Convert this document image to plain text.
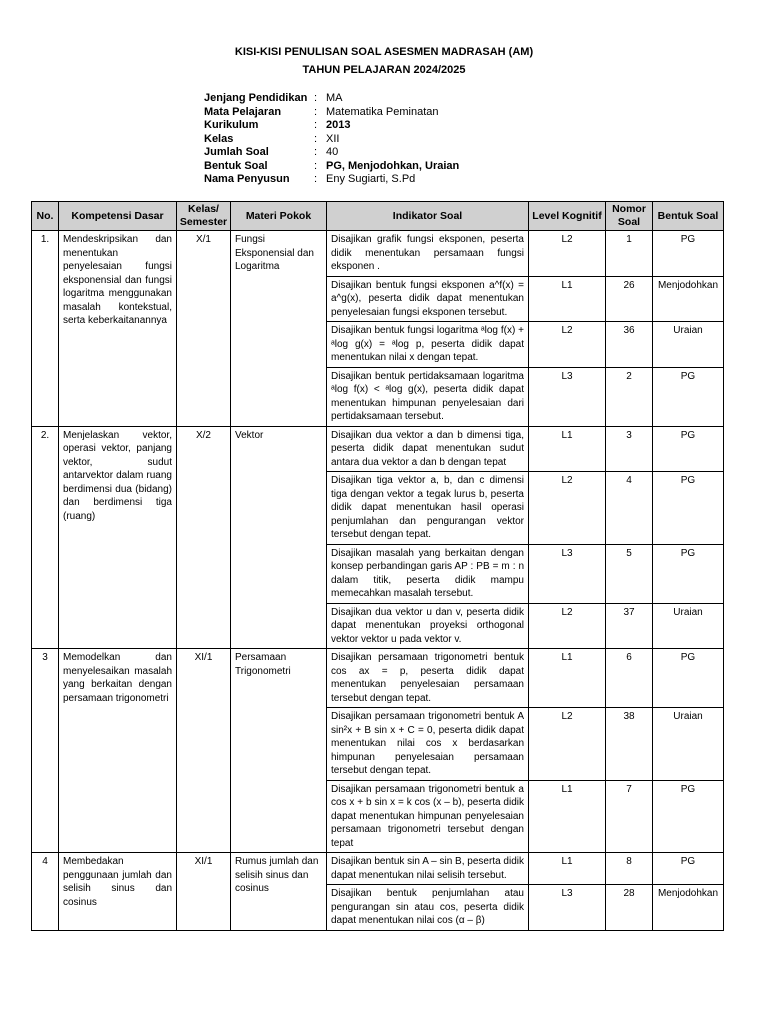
KISI-KISI PENULISAN SOAL ASESMEN MADRASAH (AM)
TAHUN PELAJARAN 2024/2025
Jenjang Pendidikan : MA
Mata Pelajaran	: Matematika Peminatan
Kurikulum	: 2013
Kelas	: XII
Jumlah Soal	: 40
Bentuk Soal	: PG, Menjodohkan, Uraian
Nama Penyusun : Eny Sugiarti, S.Pd
No.	Kompetensi Dasar	Kelas/ Semester	Materi Pokok	Indikator Soal	Level Kognitif	Nomor Soal	Bentuk Soal
1.	Mendeskripsikan dan menentukan penyelesaian fungsi eksponensial dan fungsi logaritma menggunakan masalah kontekstual, serta keberkaitanannya	X/1	Fungsi Eksponensial dan Logaritma	Disajikan grafik fungsi eksponen, peserta didik menentukan persamaan fungsi eksponen .	L2	1	PG
				Disajikan bentuk fungsi eksponen a^f(x) = a^g(x), peserta didik dapat menentukan penyelesaian fungsi eksponen tersebut.	L1	26	Menjodohkan
				Disajikan bentuk fungsi logaritma ᵃlog f(x) + ᵃlog g(x) = ᵃlog p, peserta didik dapat menentukan nilai x dengan tepat.	L2	36	Uraian
				Disajikan bentuk pertidaksamaan logaritma ᵃlog f(x) < ᵃlog g(x), peserta didik dapat menentukan himpunan penyelesaian dari pertidaksamaan tersebut.	L3	2	PG
2.	Menjelaskan vektor, operasi vektor, panjang vektor, sudut antarvektor dalam ruang berdimensi dua (bidang) dan berdimensi tiga (ruang)	X/2	Vektor	Disajikan dua vektor a dan b dimensi tiga, peserta didik dapat menentukan sudut antara dua vektor a dan b dengan tepat	L1	3	PG
				Disajikan tiga vektor a, b, dan c dimensi tiga dengan vektor a tegak lurus b, peserta didik dapat menentukan hasil operasi penjumlahan dan pengurangan vektor tersebut dengan tepat.	L2	4	PG
				Disajikan masalah yang berkaitan dengan konsep perbandingan garis AP : PB = m : n dalam titik, peserta didik mampu memecahkan masalah tersebut.	L3	5	PG
				Disajikan dua vektor u dan v, peserta didik dapat menentukan proyeksi orthogonal vektor vektor u pada vektor v.	L2	37	Uraian
3	Memodelkan dan menyelesaikan masalah yang berkaitan dengan persamaan trigonometri	XI/1	Persamaan Trigonometri	Disajikan persamaan trigonometri bentuk cos ax = p, peserta didik dapat menentukan penyelesaian persamaan tersebut dengan tepat.	L1	6	PG
				Disajikan persamaan trigonometri bentuk A sin²x + B sin x + C = 0, peserta didik dapat menentukan nilai cos x berdasarkan himpunan penyelesaian persamaan tersebut dengan tepat.	L2	38	Uraian
				Disajikan persamaan trigonometri bentuk a cos x + b sin x = k cos (x – b), peserta didik dapat menentukan himpunan penyelesaian persamaan trigonometri tersebut dengan tepat	L1	7	PG
4	Membedakan penggunaan jumlah dan selisih sinus dan cosinus	XI/1	Rumus jumlah dan selisih sinus dan cosinus	Disajikan bentuk sin A – sin B, peserta didik dapat menentukan nilai selisih tersebut.	L1	8	PG
				Disajikan bentuk penjumlahan atau pengurangan sin atau cos, peserta didik dapat menentukan nilai cos (α – β)	L3	28	Menjodohkan
